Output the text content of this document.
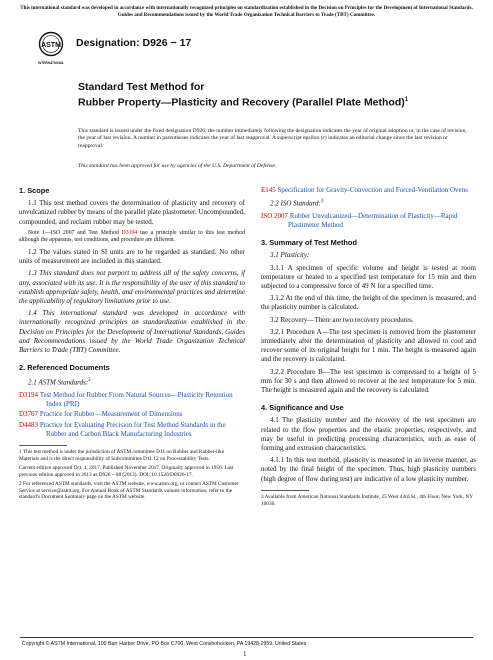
This international standard was developed in accordance with internationally recognized principles on standardization established in the Decision on Principles for the Development of International Standards, Guides and Recommendations issued by the World Trade Organization Technical Barriers to Trade (TBT) Committee.
ASTM
INTERNATIONAL
Designation: D926 − 17
Standard Test Method for
Rubber Property—Plasticity and Recovery (Parallel Plate Method)$^1$
This standard is issued under the fixed designation D926; the number immediately following the designation indicates the year of original adoption or, in the case of revision, the year of last revision. A number in parentheses indicates the year of last reapproval. A superscript epsilon (ε) indicates an editorial change since the last revision or reapproval.
This standard has been approved for use by agencies of the U.S. Department of Defense.
1. Scope

1.1 This test method covers the determination of plasticity and recovery of unvulcanized rubber by means of the parallel plate plastometer. Uncompounded, compounded, and reclaim rubber may be tested.

Note 1—ISO 2007 and Test Method D3194 use a principle similar to this test method although the apparatus, test conditions, and procedure are different.

1.2 The values stated in SI units are to be regarded as standard. No other units of measurement are included in this standard.

1.3 This standard does not purport to address all of the safety concerns, if any, associated with its use. It is the responsibility of the user of this standard to establish appropriate safety, health, and environmental practices and determine the applicability of regulatory limitations prior to use.

1.4 This international standard was developed in accordance with internationally recognized principles on standardization established in the Decision on Principles for the Development of International Standards, Guides and Recommendations issued by the World Trade Organization Technical Barriers to Trade (TBT) Committee.

2. Referenced Documents

2.1 ASTM Standards:$^2$

D3194 Test Method for Rubber From Natural Sources—Plasticity Retention Index (PRI)
D3767 Practice for Rubber—Measurement of Dimensions
D4483 Practice for Evaluating Precision for Test Method Standards in the Rubber and Carbon Black Manufacturing Industries

1 This test method is under the jurisdiction of ASTM committee D11 on Rubber and Rubber-like Materials and is the direct responsibility of Subcommittee D11.12 on Processability Tests.

Current edition approved Oct. 1, 2017. Published November 2017. Originally approved in 1956. Last previous edition approved in 2013 as D926 – 08 (2013). DOI: 10.1520/D0926-17.

2 For referenced ASTM standards, visit the ASTM website, www.astm.org, or contact ASTM Customer Service at service@astm.org. For Annual Book of ASTM Standards volume information, refer to the standard's Document Summary page on the ASTM website.

E145 Specification for Gravity-Convection and Forced-Ventilation Ovens

2.2 ISO Standard:$^3$

ISO 2007 Rubber Unvulcanized—Determination of Plasticity—Rapid Plastimeter Method
3. Summary of Test Method

3.1 Plasticity:

3.1.1 A specimen of specific volume and height is tested at room temperature or heated to a specified test temperature for 15 min and then subjected to a compressive force of 49 N for a specified time.

3.1.2 At the end of this time, the height of the specimen is measured, and the plasticity number is calculated.

3.2 Recovery—There are two recovery procedures.

3.2.1 Procedure A—The test specimen is removed from the plastometer immediately after the determination of plasticity and allowed to cool and recover some of its original height for 1 min. The height is measured again and the recovery is calculated.

3.2.2 Procedure B—The test specimen is compressed to a height of 5 mm for 30 s and then allowed to recover at the test temperature for 5 min. The height is measured again and the recovery is calculated.

4. Significance and Use

4.1 The plasticity number and the recovery of the test specimen are related to the flow properties and the elastic properties, respectively, and may be useful in predicting processing characteristics, such as ease of forming and extrusion characteristics.

4.1.1 In this test method, plasticity is measured in an inverse manner, as noted by the final height of the specimen. Thus, high plasticity numbers (high degree of flow during test) are indicative of a low plasticity number.

3 Available from American National Standards Institute, 25 West 43rd St., 4th Floor, New York, NY 10036.

Copyright © ASTM International, 100 Barr Harbor Drive, PO Box C700, West Conshohocken, PA 19428-2959. United States
1
